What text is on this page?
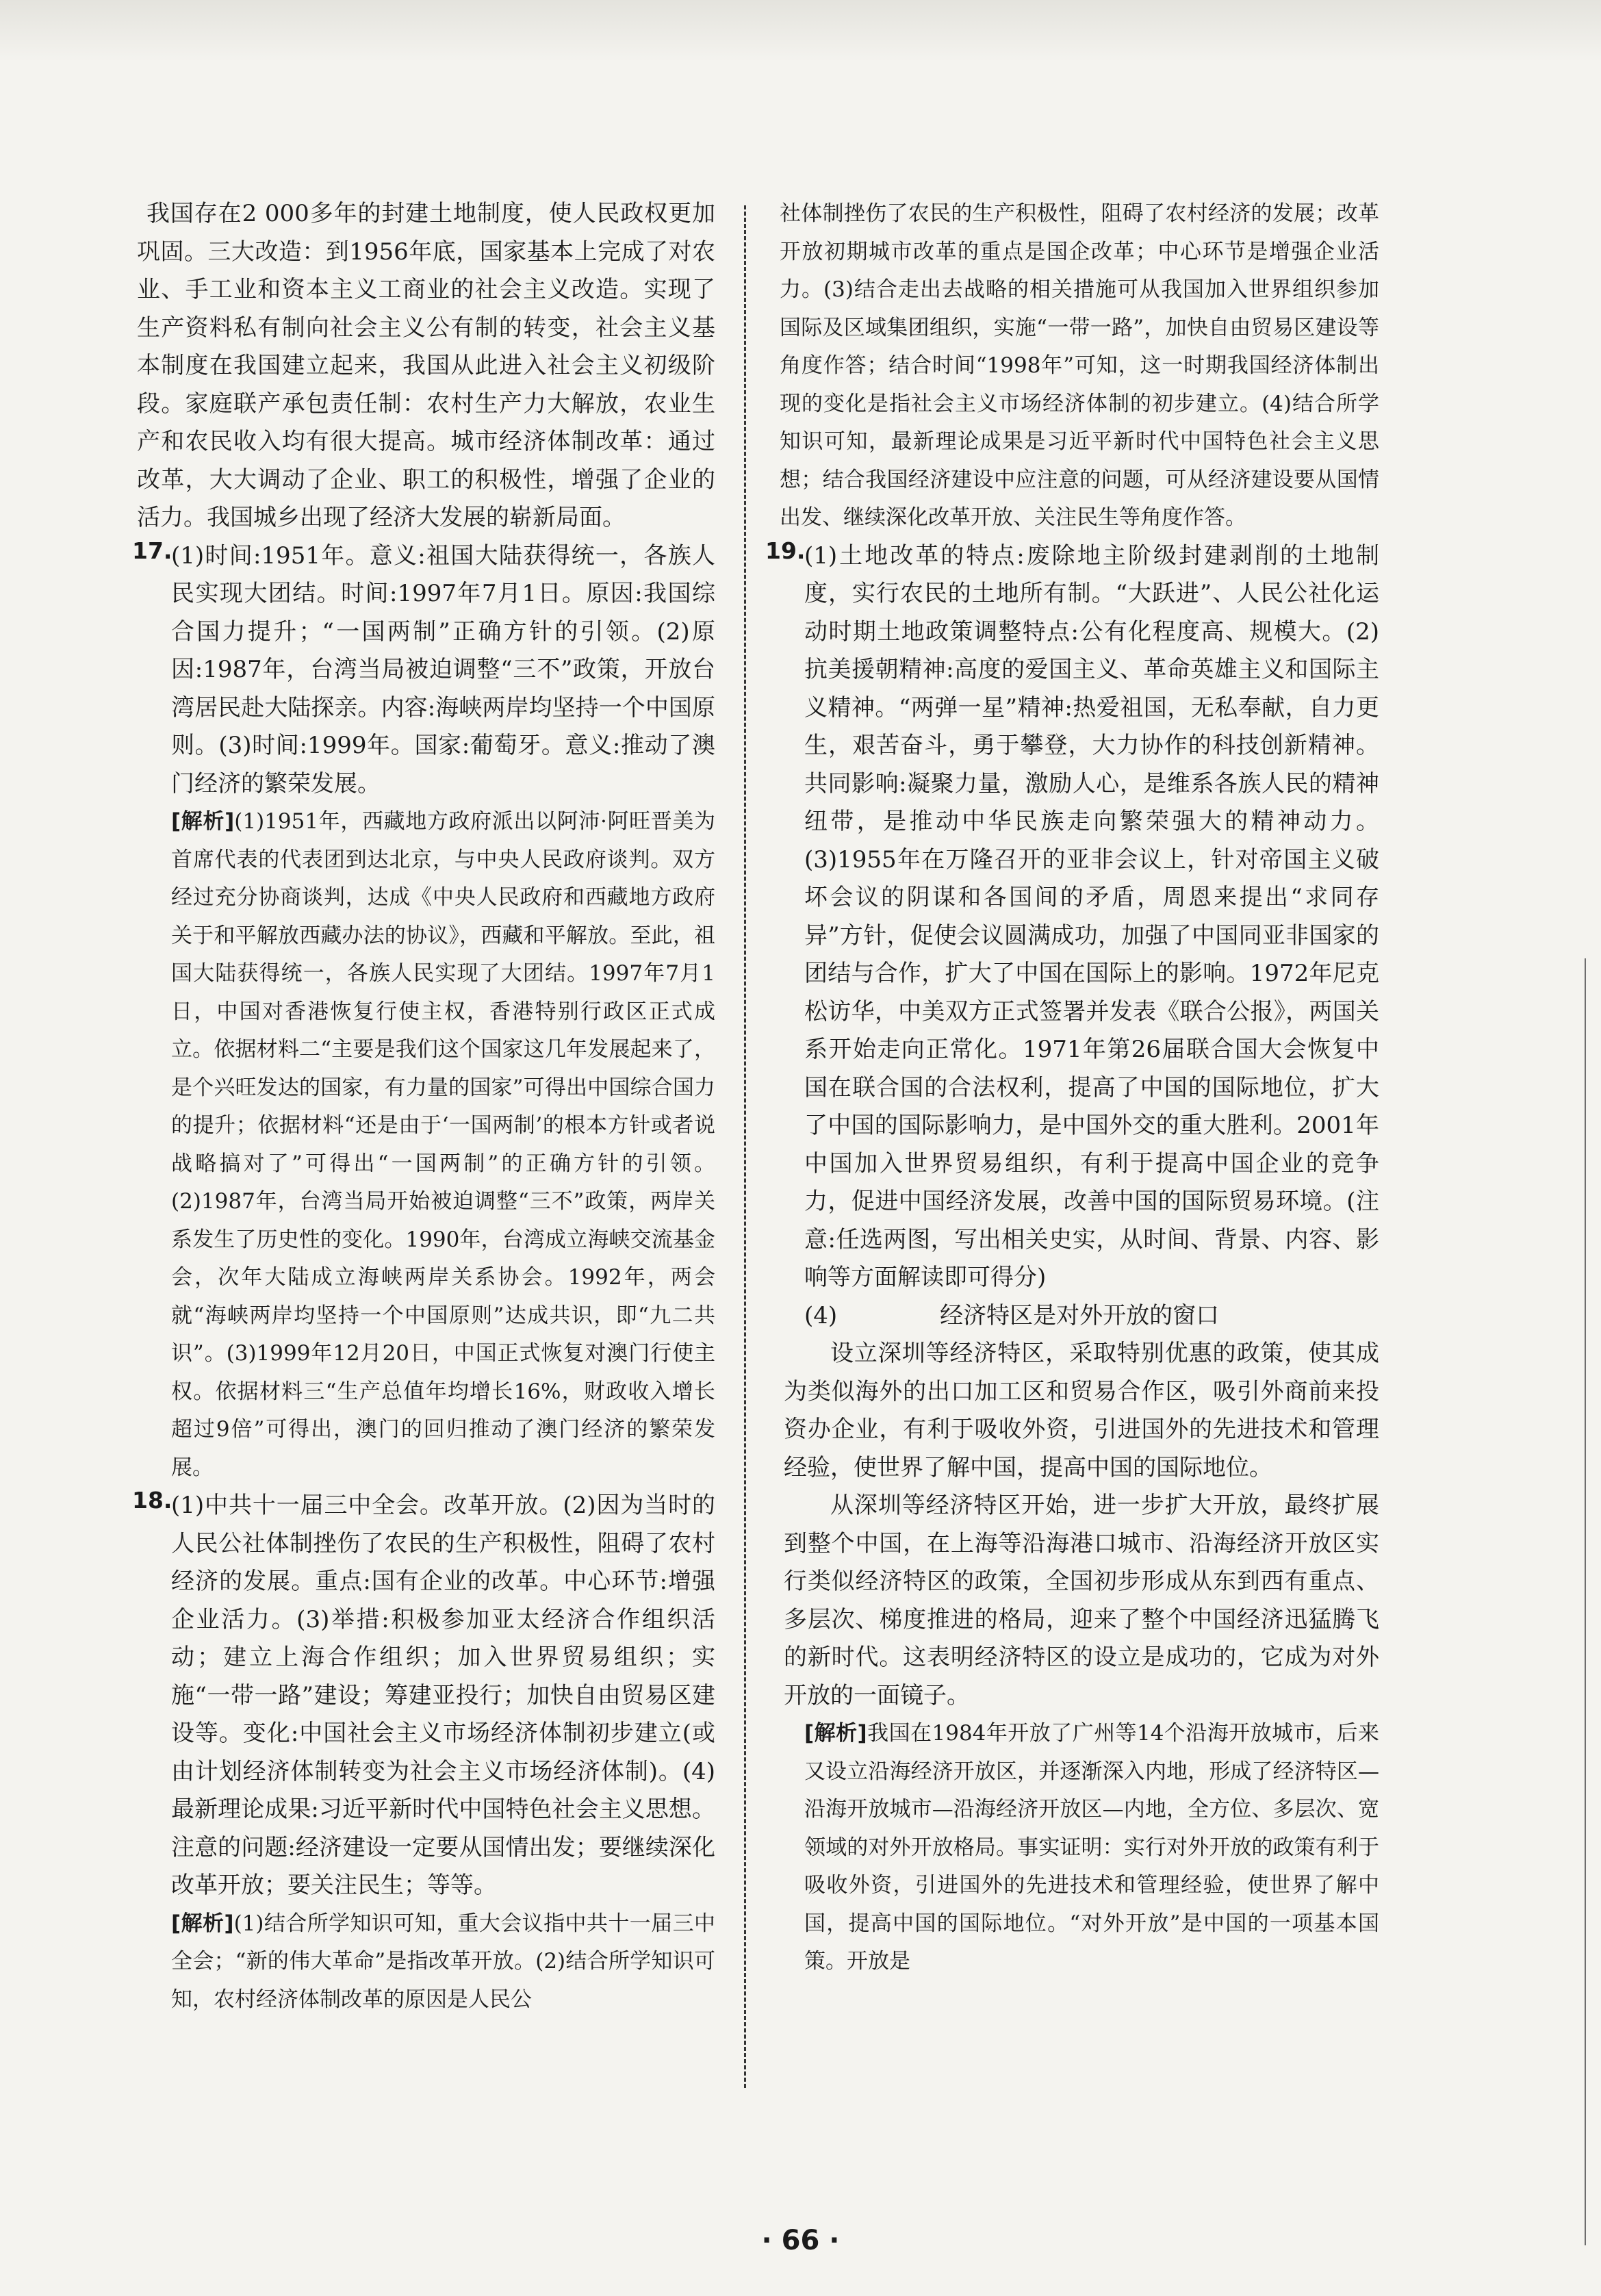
我国存在2 000多年的封建土地制度，使人民政权更加巩固。三大改造：到1956年底，国家基本上完成了对农业、手工业和资本主义工商业的社会主义改造。实现了生产资料私有制向社会主义公有制的转变，社会主义基本制度在我国建立起来，我国从此进入社会主义初级阶段。家庭联产承包责任制：农村生产力大解放，农业生产和农民收入均有很大提高。城市经济体制改革：通过改革，大大调动了企业、职工的积极性，增强了企业的活力。我国城乡出现了经济大发展的崭新局面。

17.

(1)时间:1951年。意义:祖国大陆获得统一，各族人民实现大团结。时间:1997年7月1日。原因:我国综合国力提升；“一国两制”正确方针的引领。(2)原因:1987年，台湾当局被迫调整“三不”政策，开放台湾居民赴大陆探亲。内容:海峡两岸均坚持一个中国原则。(3)时间:1999年。国家:葡萄牙。意义:推动了澳门经济的繁荣发展。

[解析](1)1951年，西藏地方政府派出以阿沛·阿旺晋美为首席代表的代表团到达北京，与中央人民政府谈判。双方经过充分协商谈判，达成《中央人民政府和西藏地方政府关于和平解放西藏办法的协议》，西藏和平解放。至此，祖国大陆获得统一，各族人民实现了大团结。1997年7月1日，中国对香港恢复行使主权，香港特别行政区正式成立。依据材料二“主要是我们这个国家这几年发展起来了，是个兴旺发达的国家，有力量的国家”可得出中国综合国力的提升；依据材料“还是由于‘一国两制’的根本方针或者说战略搞对了”可得出“一国两制”的正确方针的引领。(2)1987年，台湾当局开始被迫调整“三不”政策，两岸关系发生了历史性的变化。1990年，台湾成立海峡交流基金会，次年大陆成立海峡两岸关系协会。1992年，两会就“海峡两岸均坚持一个中国原则”达成共识，即“九二共识”。(3)1999年12月20日，中国正式恢复对澳门行使主权。依据材料三“生产总值年均增长16%，财政收入增长超过9倍”可得出，澳门的回归推动了澳门经济的繁荣发展。

18.

(1)中共十一届三中全会。改革开放。(2)因为当时的人民公社体制挫伤了农民的生产积极性，阻碍了农村经济的发展。重点:国有企业的改革。中心环节:增强企业活力。(3)举措:积极参加亚太经济合作组织活动；建立上海合作组织；加入世界贸易组织；实施“一带一路”建设；筹建亚投行；加快自由贸易区建设等。变化:中国社会主义市场经济体制初步建立(或由计划经济体制转变为社会主义市场经济体制)。(4)最新理论成果:习近平新时代中国特色社会主义思想。注意的问题:经济建设一定要从国情出发；要继续深化改革开放；要关注民生；等等。

[解析](1)结合所学知识可知，重大会议指中共十一届三中全会；“新的伟大革命”是指改革开放。(2)结合所学知识可知，农村经济体制改革的原因是人民公

社体制挫伤了农民的生产积极性，阻碍了农村经济的发展；改革开放初期城市改革的重点是国企改革；中心环节是增强企业活力。(3)结合走出去战略的相关措施可从我国加入世界组织参加国际及区域集团组织，实施“一带一路”，加快自由贸易区建设等角度作答；结合时间“1998年”可知，这一时期我国经济体制出现的变化是指社会主义市场经济体制的初步建立。(4)结合所学知识可知，最新理论成果是习近平新时代中国特色社会主义思想；结合我国经济建设中应注意的问题，可从经济建设要从国情出发、继续深化改革开放、关注民生等角度作答。

19.

(1)土地改革的特点:废除地主阶级封建剥削的土地制度，实行农民的土地所有制。“大跃进”、人民公社化运动时期土地政策调整特点:公有化程度高、规模大。(2)抗美援朝精神:高度的爱国主义、革命英雄主义和国际主义精神。“两弹一星”精神:热爱祖国，无私奉献，自力更生，艰苦奋斗，勇于攀登，大力协作的科技创新精神。共同影响:凝聚力量，激励人心，是维系各族人民的精神纽带，是推动中华民族走向繁荣强大的精神动力。(3)1955年在万隆召开的亚非会议上，针对帝国主义破坏会议的阴谋和各国间的矛盾，周恩来提出“求同存异”方针，促使会议圆满成功，加强了中国同亚非国家的团结与合作，扩大了中国在国际上的影响。1972年尼克松访华，中美双方正式签署并发表《联合公报》，两国关系开始走向正常化。1971年第26届联合国大会恢复中国在联合国的合法权利，提高了中国的国际地位，扩大了中国的国际影响力，是中国外交的重大胜利。2001年中国加入世界贸易组织，有利于提高中国企业的竞争力，促进中国经济发展，改善中国的国际贸易环境。(注意:任选两图，写出相关史实，从时间、背景、内容、影响等方面解读即可得分)

(4)	经济特区是对外开放的窗口

设立深圳等经济特区，采取特别优惠的政策，使其成为类似海外的出口加工区和贸易合作区，吸引外商前来投资办企业，有利于吸收外资，引进国外的先进技术和管理经验，使世界了解中国，提高中国的国际地位。

从深圳等经济特区开始，进一步扩大开放，最终扩展到整个中国，在上海等沿海港口城市、沿海经济开放区实行类似经济特区的政策，全国初步形成从东到西有重点、多层次、梯度推进的格局，迎来了整个中国经济迅猛腾飞的新时代。这表明经济特区的设立是成功的，它成为对外开放的一面镜子。

[解析]我国在1984年开放了广州等14个沿海开放城市，后来又设立沿海经济开放区，并逐渐深入内地，形成了经济特区—沿海开放城市—沿海经济开放区—内地，全方位、多层次、宽领域的对外开放格局。事实证明：实行对外开放的政策有利于吸收外资，引进国外的先进技术和管理经验，使世界了解中国，提高中国的国际地位。“对外开放”是中国的一项基本国策。开放是

· 66 ·
